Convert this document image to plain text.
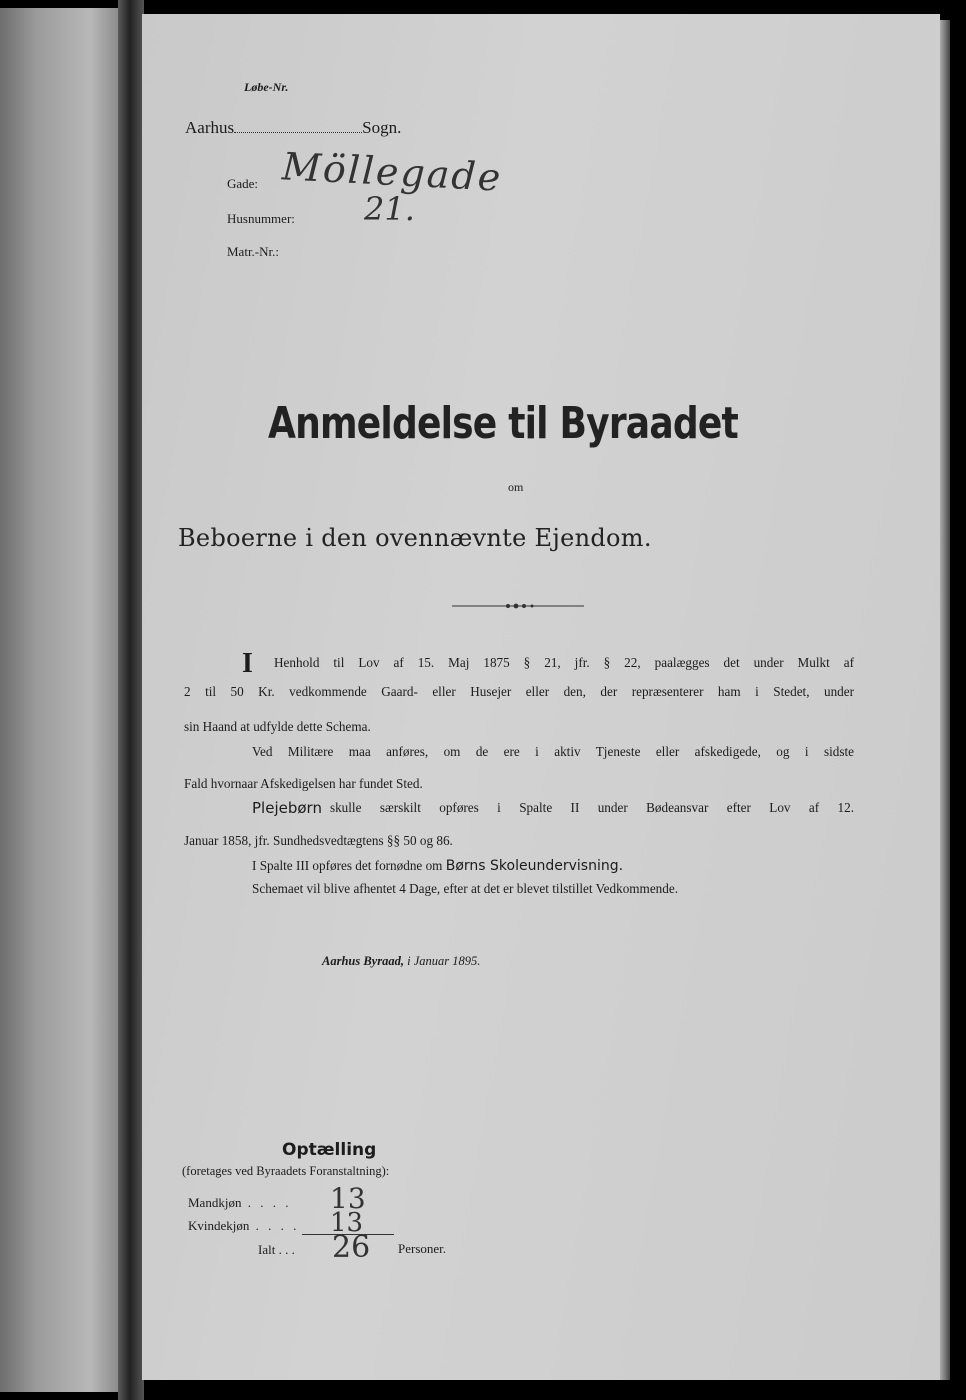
Løbe-Nr.
Aarhus	Sogn.
Gade: Möllegade
Husnummer: 21.
Matr.-Nr.:
Anmeldelse til Byraadet
om
Beboerne i den ovennævnte Ejendom.
I Henhold til Lov af 15. Maj 1875 § 21, jfr. § 22, paalægges det under Mulkt af
2 til 50 Kr. vedkommende Gaard- eller Husejer eller den, der repræsenterer ham i Stedet, under
sin Haand at udfylde dette Schema.
Ved Militære maa anføres, om de ere i aktiv Tjeneste eller afskedigede, og i sidste
Fald hvornaar Afskedigelsen har fundet Sted.
Plejebørn skulle særskilt opføres i Spalte II under Bødeansvar efter Lov af 12.
Januar 1858, jfr. Sundhedsvedtægtens §§ 50 og 86.
I Spalte III opføres det fornødne om Børns Skoleundervisning.
Schemaet vil blive afhentet 4 Dage, efter at det er blevet tilstillet Vedkommende.
Aarhus Byraad, i Januar 1895.
Optælling
(foretages ved Byraadets Foranstaltning):
Mandkjøn . . . . 13
Kvindekjøn . . . . 13
Ialt . . . 26 Personer.
